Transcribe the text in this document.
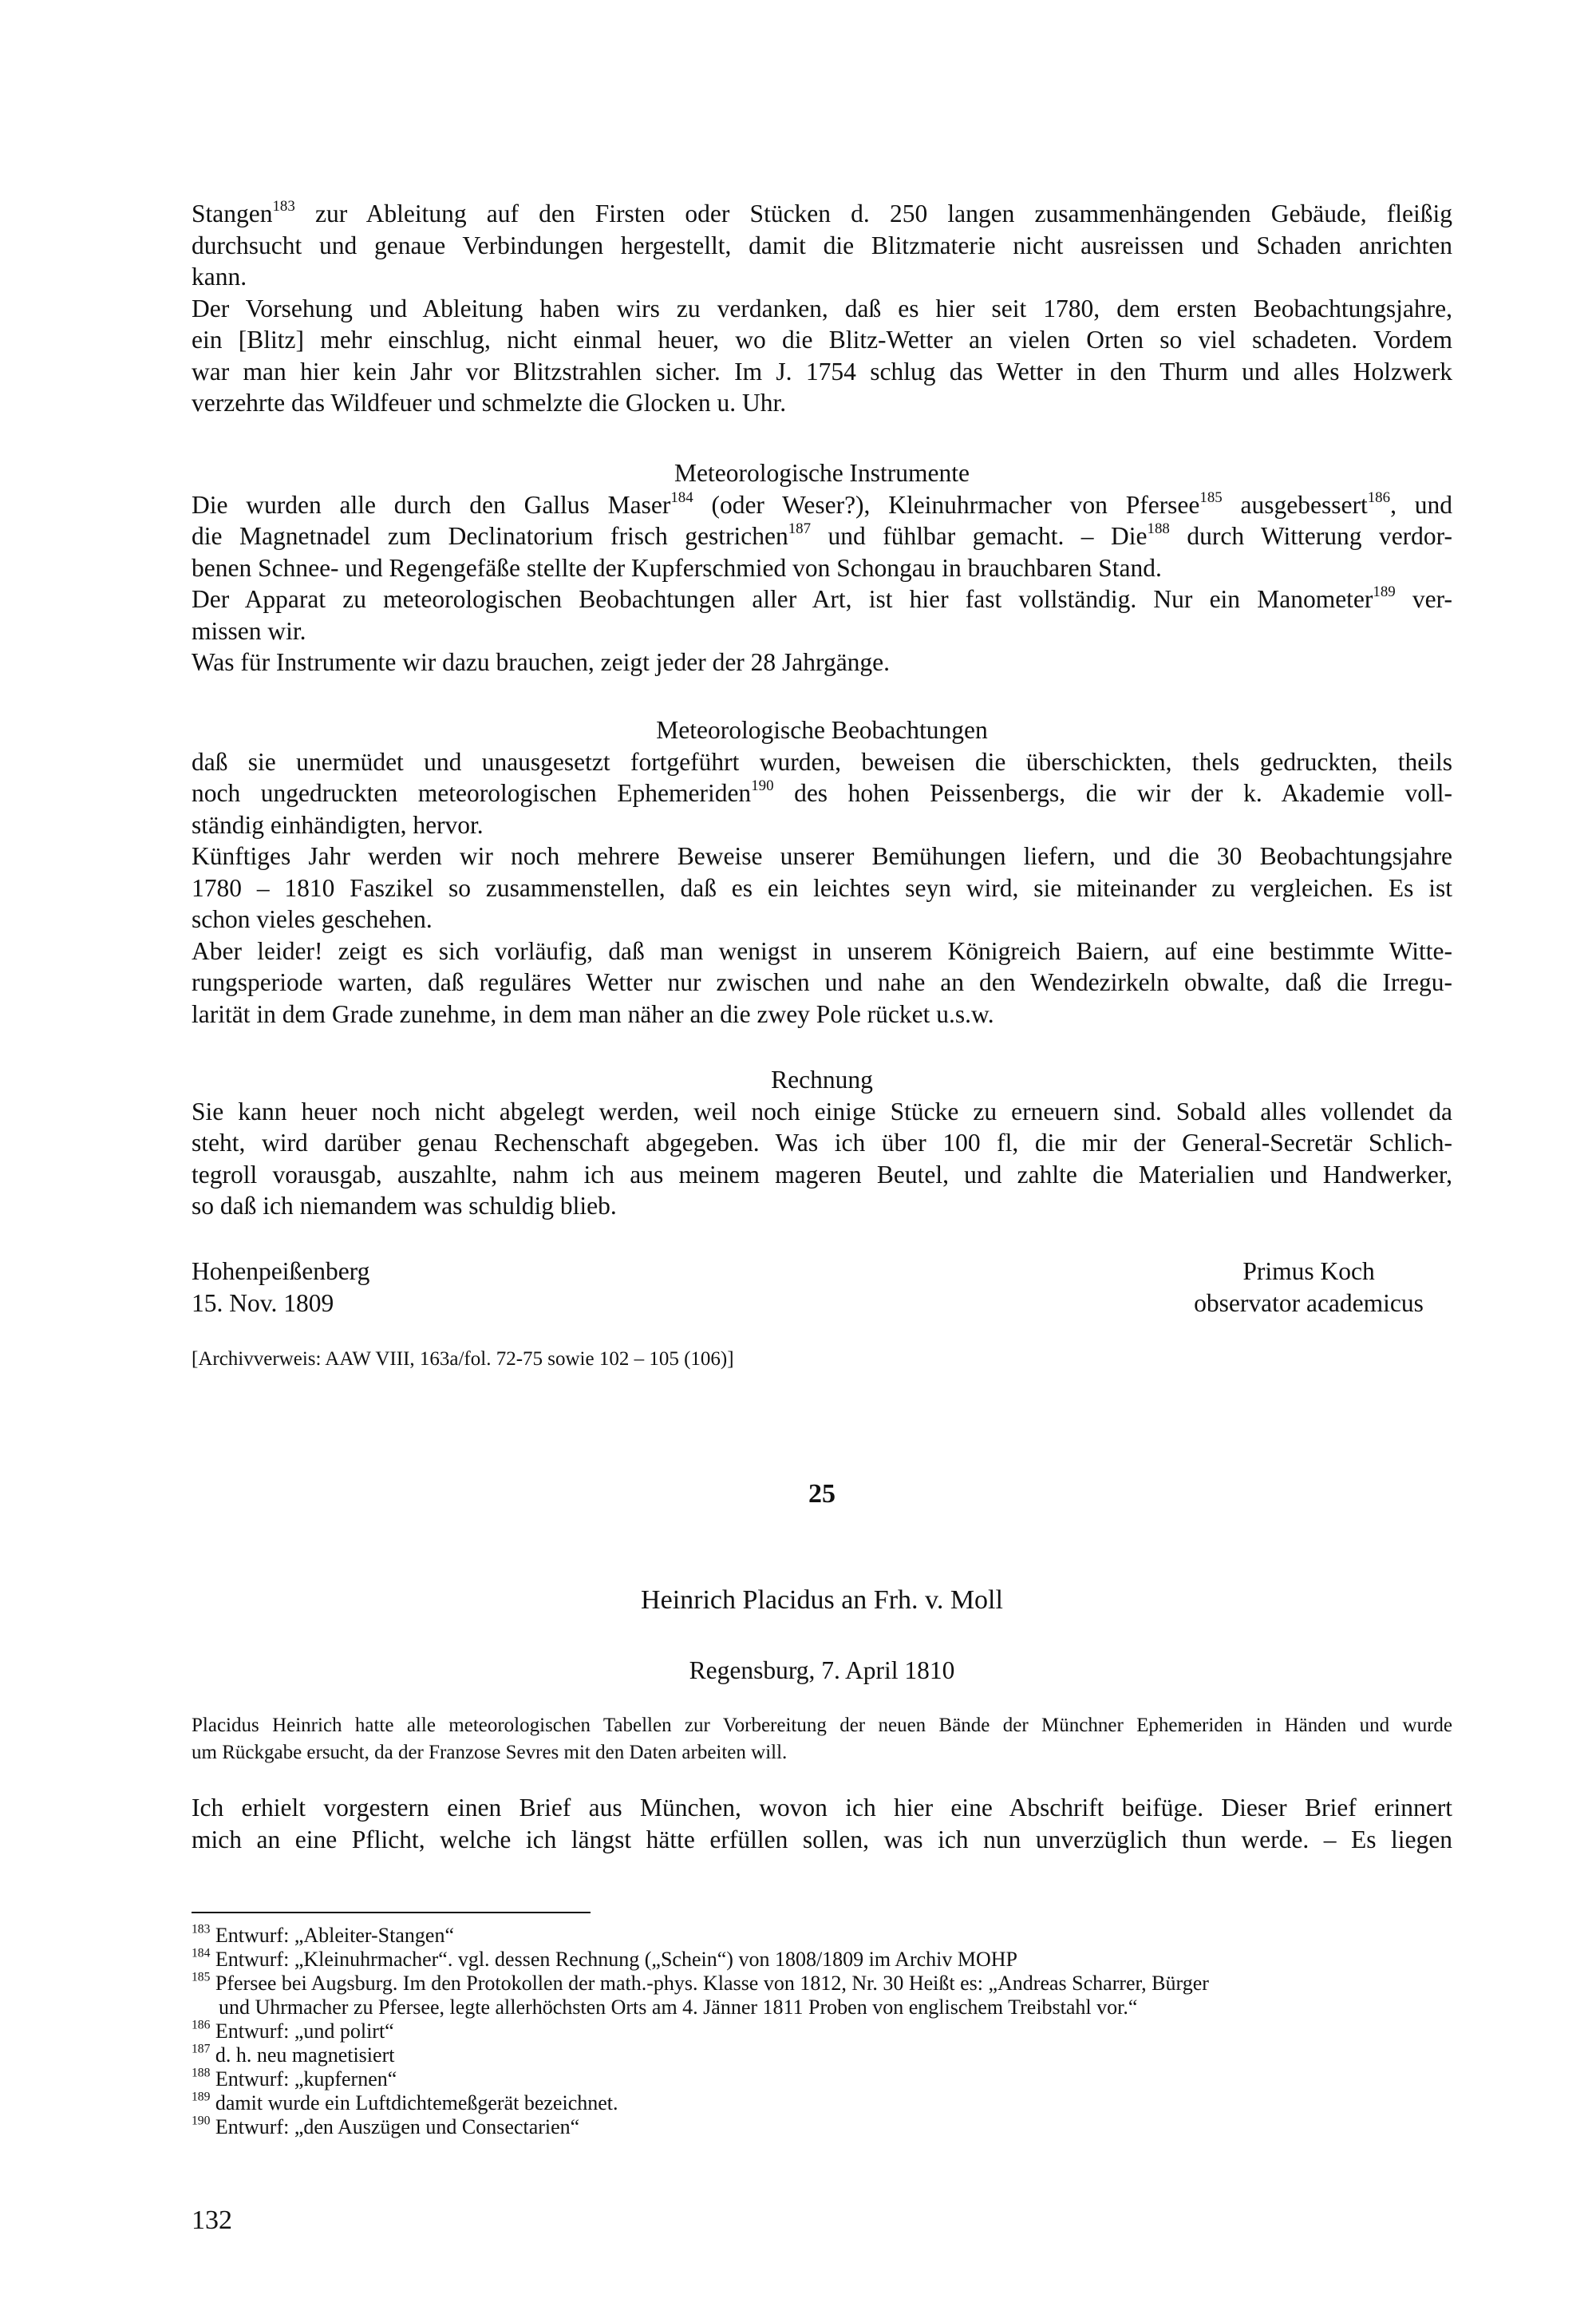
Stangen$^{183}$ zur Ableitung auf den Firsten oder Stücken d. 250 langen zusammenhängenden Gebäude, fleißig
durchsucht und genaue Verbindungen hergestellt, damit die Blitzmaterie nicht ausreissen und Schaden anrichten
kann.
Der Vorsehung und Ableitung haben wirs zu verdanken, daß es hier seit 1780, dem ersten Beobachtungsjahre,
ein [Blitz] mehr einschlug, nicht einmal heuer, wo die Blitz-Wetter an vielen Orten so viel schadeten. Vordem
war man hier kein Jahr vor Blitzstrahlen sicher. Im J. 1754 schlug das Wetter in den Thurm und alles Holzwerk
verzehrte das Wildfeuer und schmelzte die Glocken u. Uhr.
Meteorologische Instrumente
Die wurden alle durch den Gallus Maser$^{184}$ (oder Weser?), Kleinuhrmacher von Pfersee$^{185}$ ausgebessert$^{186}$, und
die Magnetnadel zum Declinatorium frisch gestrichen$^{187}$ und fühlbar gemacht. – Die$^{188}$ durch Witterung verdor-
benen Schnee- und Regengefäße stellte der Kupferschmied von Schongau in brauchbaren Stand.
Der Apparat zu meteorologischen Beobachtungen aller Art, ist hier fast vollständig. Nur ein Manometer$^{189}$ ver-
missen wir.
Was für Instrumente wir dazu brauchen, zeigt jeder der 28 Jahrgänge.
Meteorologische Beobachtungen
daß sie unermüdet und unausgesetzt fortgeführt wurden, beweisen die überschickten, thels gedruckten, theils
noch ungedruckten meteorologischen Ephemeriden$^{190}$ des hohen Peissenbergs, die wir der k. Akademie voll-
ständig einhändigten, hervor.
Künftiges Jahr werden wir noch mehrere Beweise unserer Bemühungen liefern, und die 30 Beobachtungsjahre
1780 – 1810 Faszikel so zusammenstellen, daß es ein leichtes seyn wird, sie miteinander zu vergleichen. Es ist
schon vieles geschehen.
Aber leider! zeigt es sich vorläufig, daß man wenigst in unserem Königreich Baiern, auf eine bestimmte Witte-
rungsperiode warten, daß reguläres Wetter nur zwischen und nahe an den Wendezirkeln obwalte, daß die Irregu-
larität in dem Grade zunehme, in dem man näher an die zwey Pole rücket u.s.w.
Rechnung
Sie kann heuer noch nicht abgelegt werden, weil noch einige Stücke zu erneuern sind. Sobald alles vollendet da
steht, wird darüber genau Rechenschaft abgegeben. Was ich über 100 fl, die mir der General-Secretär Schlich-
tegroll vorausgab, auszahlte, nahm ich aus meinem mageren Beutel, und zahlte die Materialien und Handwerker,
so daß ich niemandem was schuldig blieb.
Hohenpeißenberg
15. Nov. 1809
Primus Koch
observator academicus
[Archivverweis: AAW VIII, 163a/fol. 72-75 sowie 102 – 105 (106)]
25
Heinrich Placidus an Frh. v. Moll
Regensburg, 7. April 1810
Placidus Heinrich hatte alle meteorologischen Tabellen zur Vorbereitung der neuen Bände der Münchner Ephemeriden in Händen und wurde
um Rückgabe ersucht, da der Franzose Sevres mit den Daten arbeiten will.
Ich erhielt vorgestern einen Brief aus München, wovon ich hier eine Abschrift beifüge. Dieser Brief erinnert
mich an eine Pflicht, welche ich längst hätte erfüllen sollen, was ich nun unverzüglich thun werde. – Es liegen
$^{183}$ Entwurf: „Ableiter-Stangen“
$^{184}$ Entwurf: „Kleinuhrmacher“. vgl. dessen Rechnung („Schein“) von 1808/1809 im Archiv MOHP
$^{185}$ Pfersee bei Augsburg. Im den Protokollen der math.-phys. Klasse von 1812, Nr. 30 Heißt es: „Andreas Scharrer, Bürger
und Uhrmacher zu Pfersee, legte allerhöchsten Orts am 4. Jänner 1811 Proben von englischem Treibstahl vor.“
$^{186}$ Entwurf: „und polirt“
$^{187}$ d. h. neu magnetisiert
$^{188}$ Entwurf: „kupfernen“
$^{189}$ damit wurde ein Luftdichtemeßgerät bezeichnet.
$^{190}$ Entwurf: „den Auszügen und Consectarien“
132
